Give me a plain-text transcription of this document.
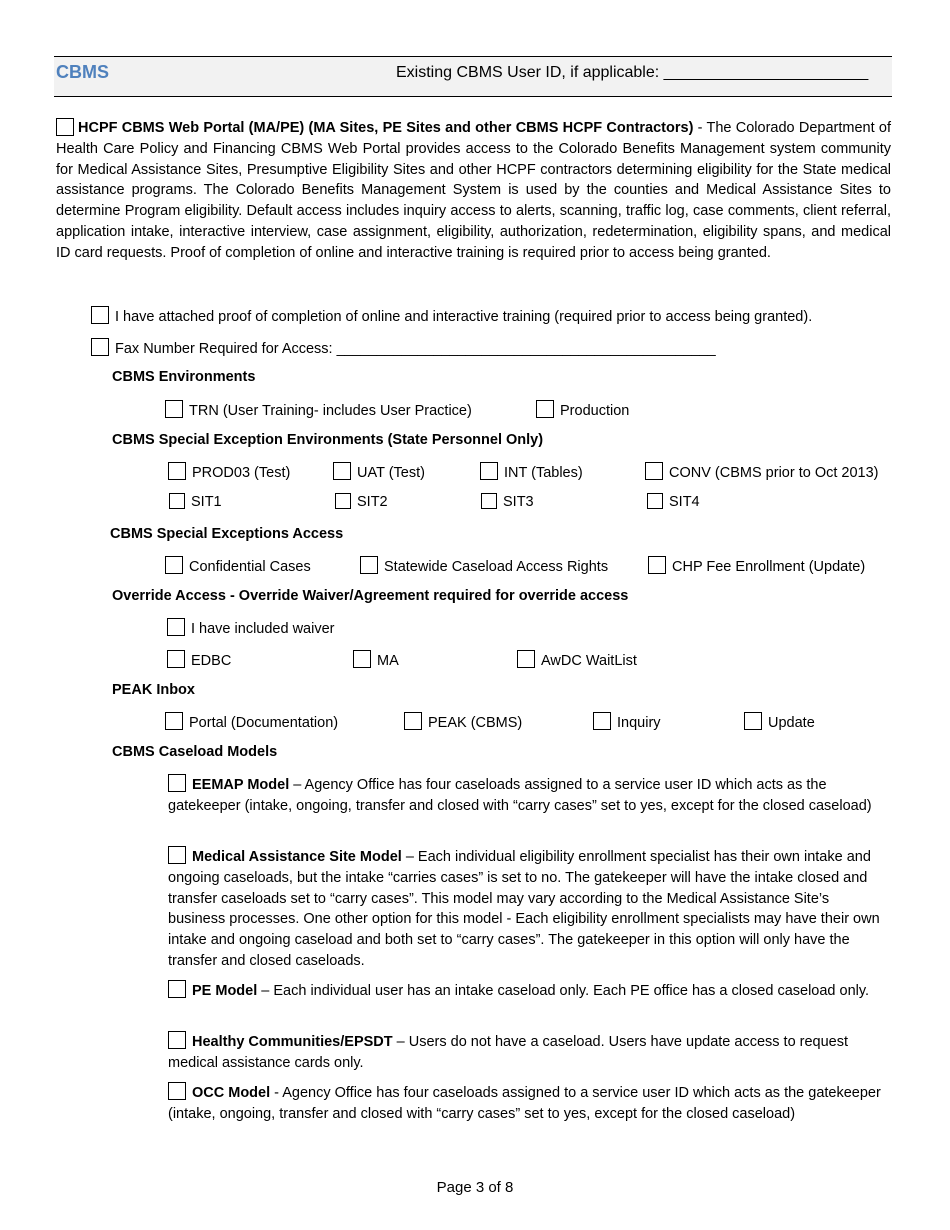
CBMS	Existing CBMS User ID, if applicable: _______________________
HCPF CBMS Web Portal (MA/PE) (MA Sites, PE Sites and other CBMS HCPF Contractors) - The Colorado Department of Health Care Policy and Financing CBMS Web Portal provides access to the Colorado Benefits Management system community for Medical Assistance Sites, Presumptive Eligibility Sites and other HCPF contractors determining eligibility for the State medical assistance programs. The Colorado Benefits Management System is used by the counties and Medical Assistance Sites to determine Program eligibility. Default access includes inquiry access to alerts, scanning, traffic log, case comments, client referral, application intake, interactive interview, case assignment, eligibility, authorization, redetermination, eligibility spans, and medical ID card requests. Proof of completion of online and interactive training is required prior to access being granted.
I have attached proof of completion of online and interactive training (required prior to access being granted).
Fax Number Required for Access: _______________________________________________
CBMS Environments
TRN (User Training- includes User Practice)	Production
CBMS Special Exception Environments (State Personnel Only)
PROD03 (Test)	UAT (Test)	INT (Tables)	CONV (CBMS prior to Oct 2013)
SIT1	SIT2	SIT3	SIT4
CBMS Special Exceptions Access
Confidential Cases	Statewide Caseload Access Rights	CHP Fee Enrollment (Update)
Override Access - Override Waiver/Agreement required for override access
I have included waiver
EDBC	MA	AwDC WaitList
PEAK Inbox
Portal (Documentation)	PEAK (CBMS)	Inquiry	Update
CBMS Caseload Models
EEMAP Model – Agency Office has four caseloads assigned to a service user ID which acts as the gatekeeper (intake, ongoing, transfer and closed with “carry cases” set to yes, except for the closed caseload)
Medical Assistance Site Model – Each individual eligibility enrollment specialist has their own intake and ongoing caseloads, but the intake “carries cases” is set to no. The gatekeeper will have the intake closed and transfer caseloads set to “carry cases”. This model may vary according to the Medical Assistance Site’s business processes. One other option for this model - Each eligibility enrollment specialists may have their own intake and ongoing caseload and both set to “carry cases”. The gatekeeper in this option will only have the transfer and closed caseloads.
PE Model – Each individual user has an intake caseload only. Each PE office has a closed caseload only.
Healthy Communities/EPSDT – Users do not have a caseload. Users have update access to request medical assistance cards only.
OCC Model - Agency Office has four caseloads assigned to a service user ID which acts as the gatekeeper (intake, ongoing, transfer and closed with “carry cases” set to yes, except for the closed caseload)
Page 3 of 8
